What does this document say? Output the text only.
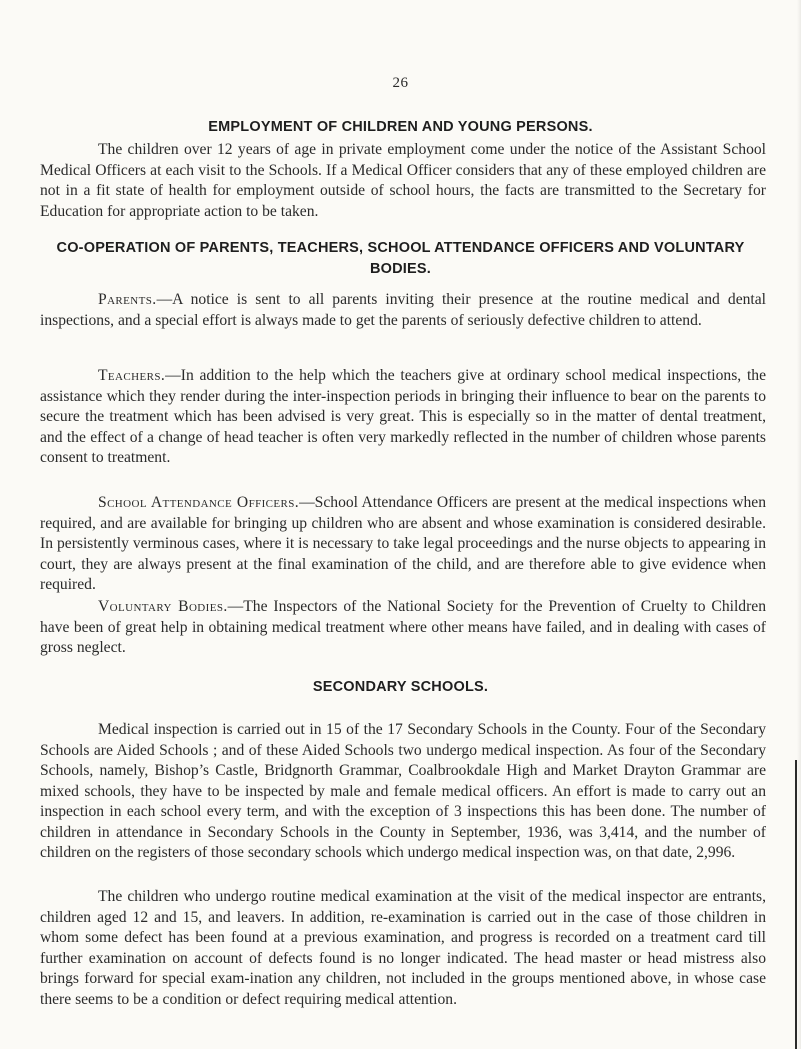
26
EMPLOYMENT OF CHILDREN AND YOUNG PERSONS.

The children over 12 years of age in private employment come under the notice of the Assistant School Medical Officers at each visit to the Schools. If a Medical Officer considers that any of these employed children are not in a fit state of health for employment outside of school hours, the facts are transmitted to the Secretary for Education for appropriate action to be taken.

CO-OPERATION OF PARENTS, TEACHERS, SCHOOL ATTENDANCE OFFICERS AND VOLUNTARY BODIES.

Parents.—A notice is sent to all parents inviting their presence at the routine medical and dental inspections, and a special effort is always made to get the parents of seriously defective children to attend.

Teachers.—In addition to the help which the teachers give at ordinary school medical inspections, the assistance which they render during the inter-inspection periods in bringing their influence to bear on the parents to secure the treatment which has been advised is very great. This is especially so in the matter of dental treatment, and the effect of a change of head teacher is often very markedly reflected in the number of children whose parents consent to treatment.

School Attendance Officers.—School Attendance Officers are present at the medical inspections when required, and are available for bringing up children who are absent and whose examination is considered desirable. In persistently verminous cases, where it is necessary to take legal proceedings and the nurse objects to appearing in court, they are always present at the final examination of the child, and are therefore able to give evidence when required.

Voluntary Bodies.—The Inspectors of the National Society for the Prevention of Cruelty to Children have been of great help in obtaining medical treatment where other means have failed, and in dealing with cases of gross neglect.

SECONDARY SCHOOLS.

Medical inspection is carried out in 15 of the 17 Secondary Schools in the County. Four of the Secondary Schools are Aided Schools ; and of these Aided Schools two undergo medical inspection. As four of the Secondary Schools, namely, Bishop’s Castle, Bridgnorth Grammar, Coalbrookdale High and Market Drayton Grammar are mixed schools, they have to be inspected by male and female medical officers. An effort is made to carry out an inspection in each school every term, and with the exception of 3 inspections this has been done. The number of children in attendance in Secondary Schools in the County in September, 1936, was 3,414, and the number of children on the registers of those secondary schools which undergo medical inspection was, on that date, 2,996.

The children who undergo routine medical examination at the visit of the medical inspector are entrants, children aged 12 and 15, and leavers. In addition, re-examination is carried out in the case of those children in whom some defect has been found at a previous examination, and progress is recorded on a treatment card till further examination on account of defects found is no longer indicated. The head master or head mistress also brings forward for special exam-ination any children, not included in the groups mentioned above, in whose case there seems to be a condition or defect requiring medical attention.
